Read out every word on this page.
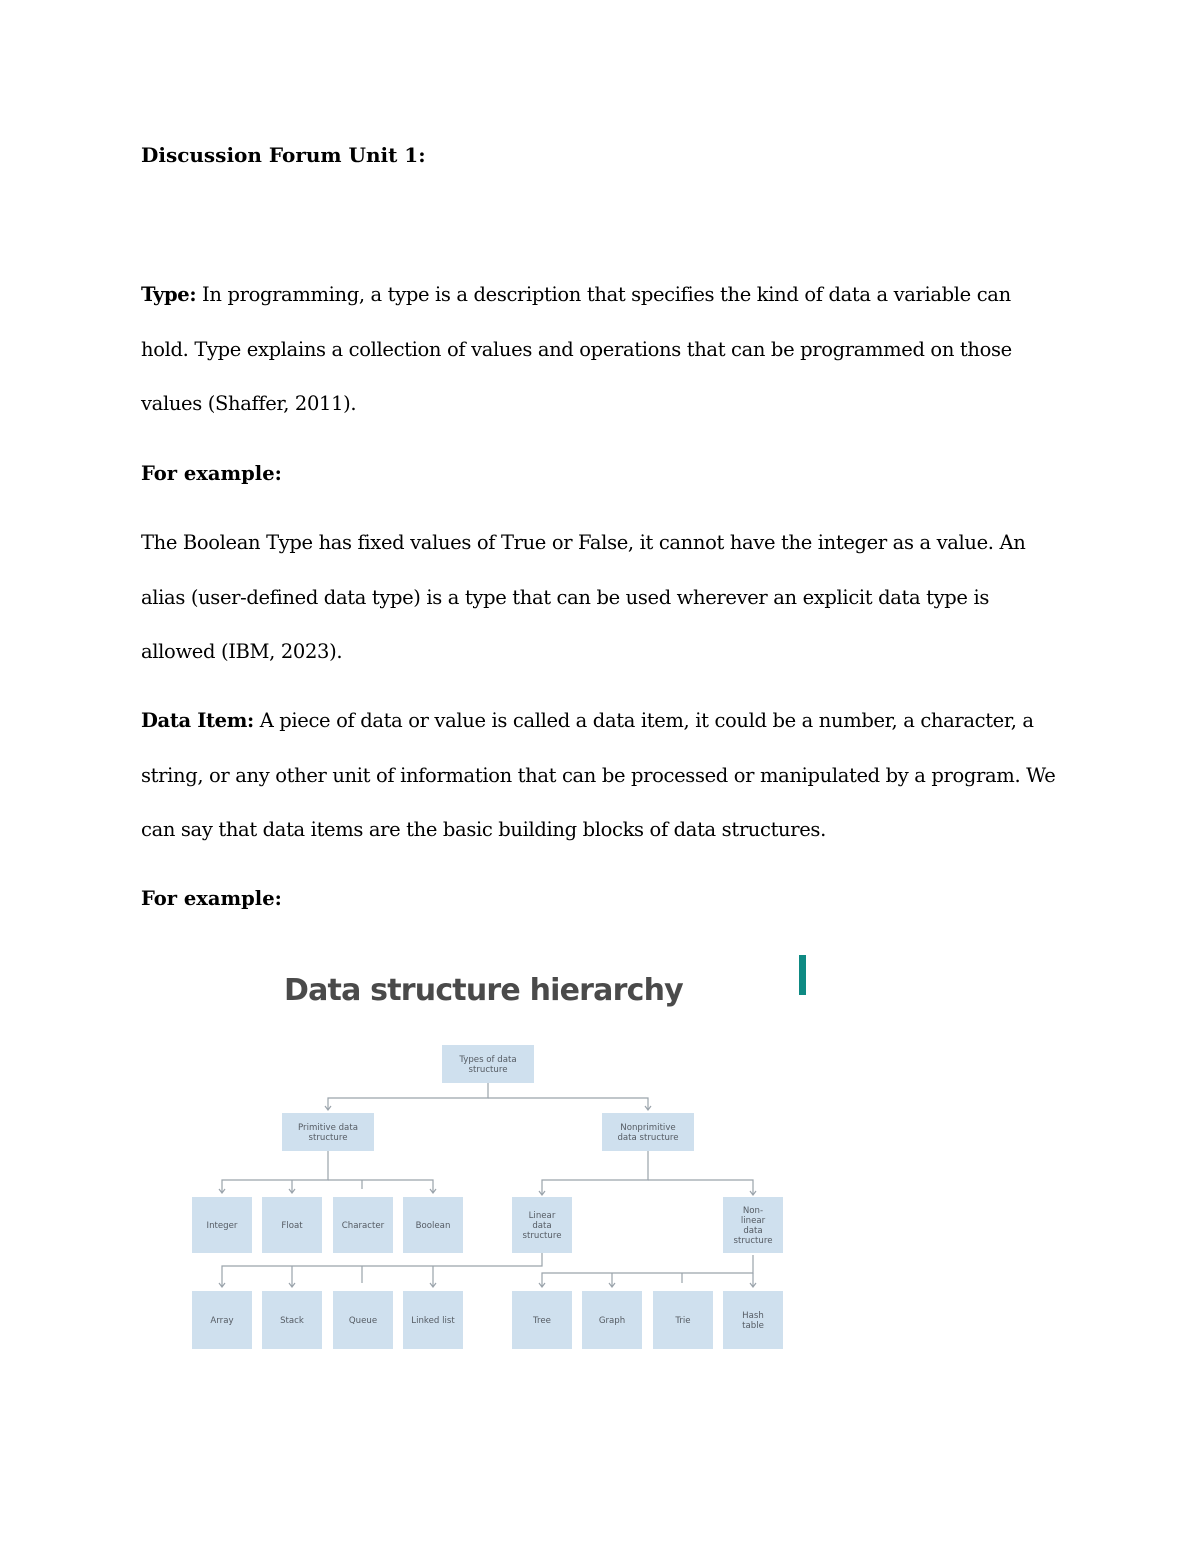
Discussion Forum Unit 1:

Type: In programming, a type is a description that specifies the kind of data a variable can hold. Type explains a collection of values and operations that can be programmed on those values (Shaffer, 2011).

For example:

The Boolean Type has fixed values of True or False, it cannot have the integer as a value. An alias (user-defined data type) is a type that can be used wherever an explicit data type is allowed (IBM, 2023).

Data Item: A piece of data or value is called a data item, it could be a number, a character, a string, or any other unit of information that can be processed or manipulated by a program. We can say that data items are the basic building blocks of data structures.

For example:

Data structure hierarchy
Types of data
structure
Primitive data
structure
Nonprimitive
data structure
Integer	Float	Character	Boolean
Linear
data
structure
Non-
linear
data
structure
Array	Stack	Queue	Linked list	Tree	Graph	Trie	Hash
table
